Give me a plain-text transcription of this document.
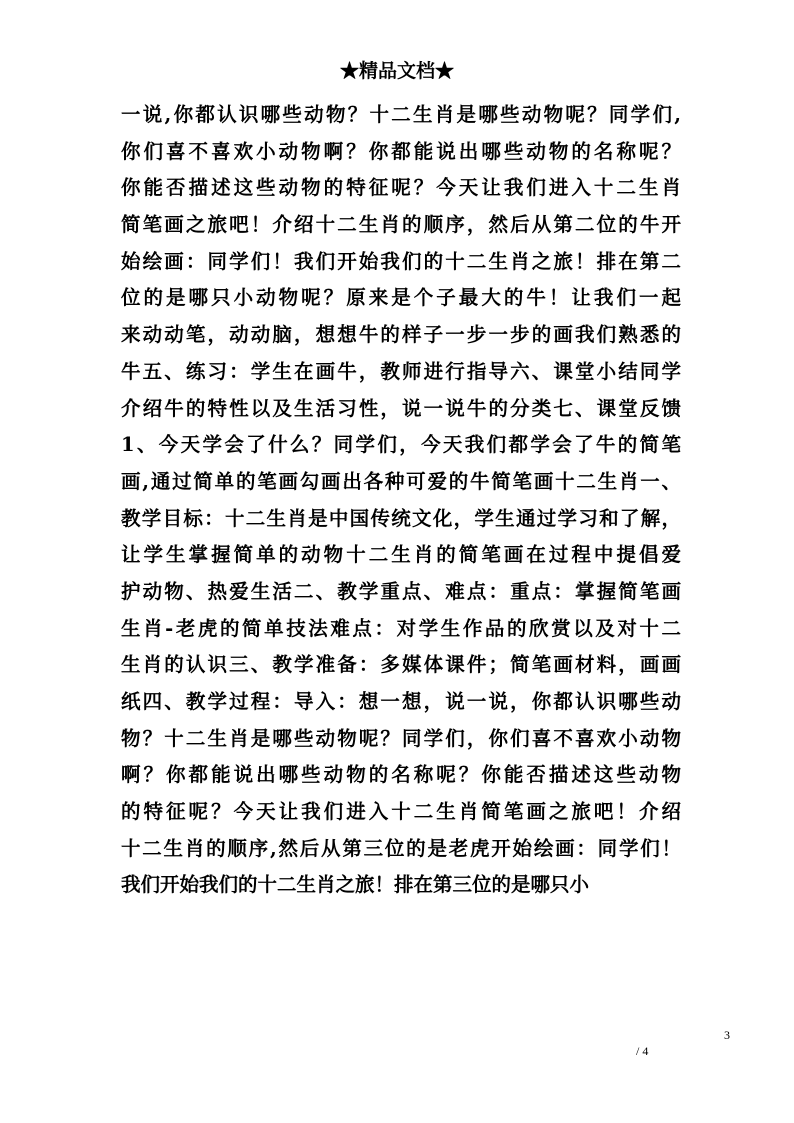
★精品文档★
一说,你都认识哪些动物？十二生肖是哪些动物呢？同学们,
你们喜不喜欢小动物啊？你都能说出哪些动物的名称呢？
你能否描述这些动物的特征呢？今天让我们进入十二生肖
简笔画之旅吧！介绍十二生肖的顺序，然后从第二位的牛开
始绘画：同学们！我们开始我们的十二生肖之旅！排在第二
位的是哪只小动物呢？原来是个子最大的牛！让我们一起
来动动笔，动动脑，想想牛的样子一步一步的画我们熟悉的
牛五、练习：学生在画牛，教师进行指导六、课堂小结同学
介绍牛的特性以及生活习性，说一说牛的分类七、课堂反馈
1、今天学会了什么？同学们，今天我们都学会了牛的简笔
画,通过简单的笔画勾画出各种可爱的牛简笔画十二生肖一、
教学目标：十二生肖是中国传统文化，学生通过学习和了解，
让学生掌握简单的动物十二生肖的简笔画在过程中提倡爱
护动物、热爱生活二、教学重点、难点：重点：掌握简笔画
生肖-老虎的简单技法难点：对学生作品的欣赏以及对十二
生肖的认识三、教学准备：多媒体课件；简笔画材料，画画
纸四、教学过程：导入：想一想，说一说，你都认识哪些动
物？十二生肖是哪些动物呢？同学们，你们喜不喜欢小动物
啊？你都能说出哪些动物的名称呢？你能否描述这些动物
的特征呢？今天让我们进入十二生肖简笔画之旅吧！介绍
十二生肖的顺序,然后从第三位的是老虎开始绘画：同学们！
我们开始我们的十二生肖之旅！排在第三位的是哪只小
3
/ 4
